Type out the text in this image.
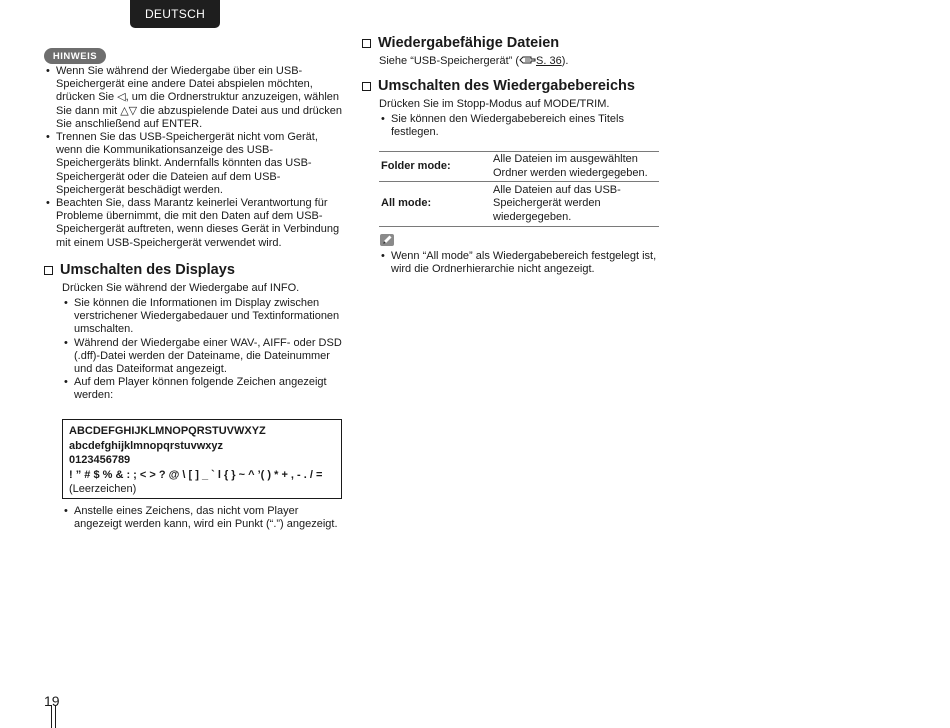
DEUTSCH
HINWEIS
• Wenn Sie während der Wiedergabe über ein USB-Speichergerät eine andere Datei abspielen möchten, drücken Sie ◁, um die Ordnerstruktur anzuzeigen, wählen Sie dann mit △▽ die abzuspielende Datei aus und drücken Sie anschließend auf ENTER.
• Trennen Sie das USB-Speichergerät nicht vom Gerät, wenn die Kommunikationsanzeige des USB-Speichergeräts blinkt. Andernfalls könnten das USB-Speichergerät oder die Dateien auf dem USB-Speichergerät beschädigt werden.
• Beachten Sie, dass Marantz keinerlei Verantwortung für Probleme übernimmt, die mit den Daten auf dem USB-Speichergerät auftreten, wenn dieses Gerät in Verbindung mit einem USB-Speichergerät verwendet wird.
Umschalten des Displays
Drücken Sie während der Wiedergabe auf INFO.
• Sie können die Informationen im Display zwischen verstrichener Wiedergabedauer und Textinformationen umschalten.
• Während der Wiedergabe einer WAV-, AIFF- oder DSD (.dff)-Datei werden der Dateiname, die Dateinummer und das Dateiformat angezeigt.
• Auf dem Player können folgende Zeichen angezeigt werden:
ABCDEFGHIJKLMNOPQRSTUVWXYZ
abcdefghijklmnopqrstuvwxyz
0123456789
! ” # $ % & : ; < > ? @ \ [ ] _ ` l { } ~ ^ ’( ) * + , - . / =
(Leerzeichen)
• Anstelle eines Zeichens, das nicht vom Player angezeigt werden kann, wird ein Punkt (“.”) angezeigt.
Wiedergabefähige Dateien
Siehe “USB-Speichergerät” ( S. 36).
Umschalten des Wiedergabebereichs
Drücken Sie im Stopp-Modus auf MODE/TRIM.
• Sie können den Wiedergabebereich eines Titels festlegen.
Folder mode:	Alle Dateien im ausgewählten Ordner werden wiedergegeben.
All mode:	Alle Dateien auf das USB-Speichergerät werden wiedergegeben.
• Wenn “All mode” als Wiedergabebereich festgelegt ist, wird die Ordnerhierarchie nicht angezeigt.
19
